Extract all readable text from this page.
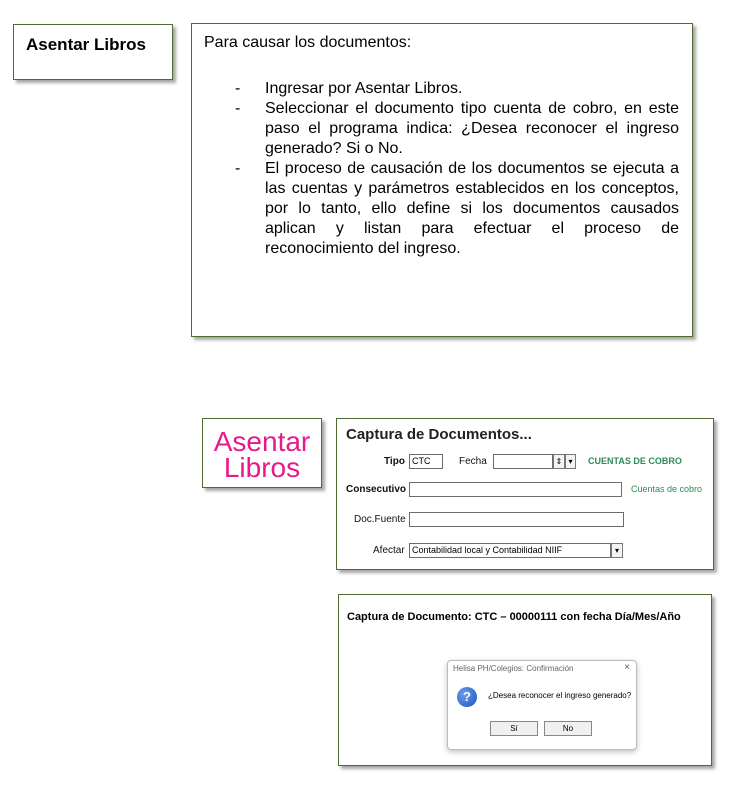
Asentar Libros	Para causar los documentos:
- Ingresar por Asentar Libros.
- Seleccionar el documento tipo cuenta de cobro, en este paso el programa indica: ¿Desea reconocer el ingreso generado? Si o No.
- El proceso de causación de los documentos se ejecuta a las cuentas y parámetros establecidos en los conceptos, por lo tanto, ello define si los documentos causados aplican y listan para efectuar el proceso de reconocimiento del ingreso.
Asentar
Libros
Captura de Documentos...
Tipo CTC	Fecha	⇕ ▾	CUENTAS DE COBRO
Consecutivo	Cuentas de cobro
Doc.Fuente
Afectar Contabilidad local y Contabilidad NIIF	▾
Captura de Documento: CTC – 00000111 con fecha Día/Mes/Año
Helisa PH/Colegios: Confirmación	×
?	¿Desea reconocer el ingreso generado?
Sí	No
